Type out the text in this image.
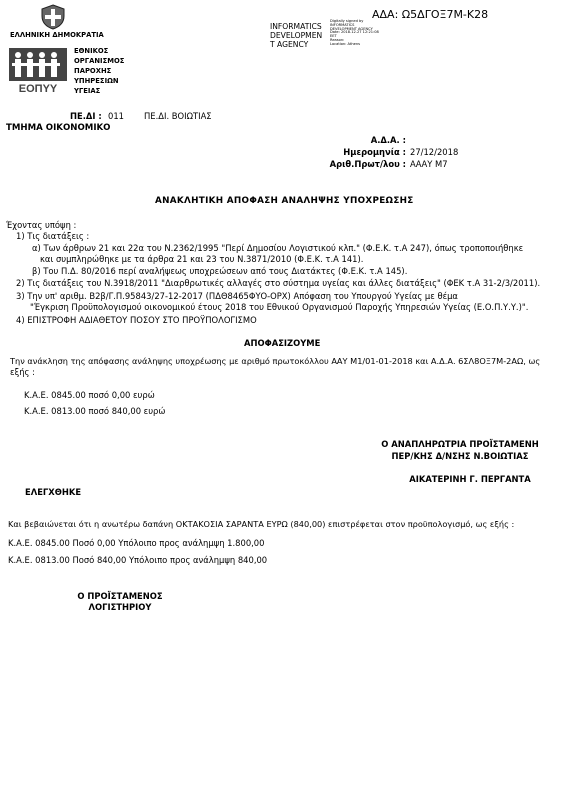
ΑΔΑ: Ω5ΔΓΟΞ7Μ-Κ28
ΕΛΛΗΝΙΚΗ ΔΗΜΟΚΡΑΤΙΑ
ΕΟΠΥΥ
ΕΘΝΙΚΟΣ
ΟΡΓΑΝΙΣΜΟΣ
ΠΑΡΟΧΗΣ
ΥΠΗΡΕΣΙΩΝ
ΥΓΕΙΑΣ
INFORMATICS
DEVELOPMEN
T AGENCY
Digitally signed by
INFORMATICS
DEVELOPMENT AGENCY
Date: 2018.12.27 12:21:08
EET
Reason:
Location: Athens
ΠΕ.ΔΙ : 011 ΠΕ.ΔΙ. ΒΟΙΩΤΙΑΣ
ΤΜΗΜΑ ΟΙΚΟΝΟΜΙΚΟ
Α.Δ.Α. :
Ημερομηνία : 27/12/2018
Αριθ.Πρωτ/λου : ΑΑΑΥ Μ7
ΑΝΑΚΛΗΤΙΚΗ ΑΠΟΦΑΣΗ ΑΝΑΛΗΨΗΣ ΥΠΟΧΡΕΩΣΗΣ
Έχοντας υπόψη :
1) Τις διατάξεις :
α) Των άρθρων 21 και 22α του Ν.2362/1995 "Περί Δημοσίου Λογιστικού κλπ." (Φ.Ε.Κ. τ.Α 247), όπως τροποποιήθηκε
και συμπληρώθηκε με τα άρθρα 21 και 23 του Ν.3871/2010 (Φ.Ε.Κ. τ.Α 141).
β) Του Π.Δ. 80/2016 περί αναλήψεως υποχρεώσεων από τους Διατάκτες (Φ.Ε.Κ. τ.Α 145).
2) Τις διατάξεις του Ν.3918/2011 "Διαρθρωτικές αλλαγές στο σύστημα υγείας και άλλες διατάξεις" (ΦΕΚ τ.Α 31-2/3/2011).
3) Την υπ' αριθμ. Β2β/Γ.Π.95843/27-12-2017 (ΠΔΘ8465ΦΥΟ-ΟΡΧ) Απόφαση του Υπουργού Υγείας με θέμα
"Έγκριση Προϋπολογισμού οικονομικού έτους 2018 του Εθνικού Οργανισμού Παροχής Υπηρεσιών Υγείας (Ε.Ο.Π.Υ.Υ.)".
4) ΕΠΙΣΤΡΟΦΗ ΑΔΙΑΘΕΤΟΥ ΠΟΣΟΥ ΣΤΟ ΠΡΟΫΠΟΛΟΓΙΣΜΟ
ΑΠΟΦΑΣΙΖΟΥΜΕ
Την ανάκληση της απόφασης ανάληψης υποχρέωσης με αριθμό πρωτοκόλλου ΑΑΥ Μ1/01-01-2018 και Α.Δ.Α. 6ΣΛ8ΟΞ7Μ-2ΑΩ, ως
εξής :
Κ.Α.Ε. 0845.00 ποσό 0,00 ευρώ
Κ.Α.Ε. 0813.00 ποσό 840,00 ευρώ
Ο ΑΝΑΠΛΗΡΩΤΡΙΑ ΠΡΟΪΣΤΑΜΕΝΗ
ΠΕΡ/ΚΗΣ Δ/ΝΣΗΣ Ν.ΒΟΙΩΤΙΑΣ
ΑΙΚΑΤΕΡΙΝΗ Γ. ΠΕΡΓΑΝΤΑ
ΕΛΕΓΧΘΗΚΕ
Και βεβαιώνεται ότι η ανωτέρω δαπάνη ΟΚΤΑΚΟΣΙΑ ΣΑΡΑΝΤΑ ΕΥΡΩ (840,00) επιστρέφεται στον προϋπολογισμό, ως εξής :
Κ.Α.Ε. 0845.00 Ποσό 0,00 Υπόλοιπο προς ανάλημψη 1.800,00
Κ.Α.Ε. 0813.00 Ποσό 840,00 Υπόλοιπο προς ανάλημψη 840,00
Ο ΠΡΟΪΣΤΑΜΕΝΟΣ
ΛΟΓΙΣΤΗΡΙΟΥ
